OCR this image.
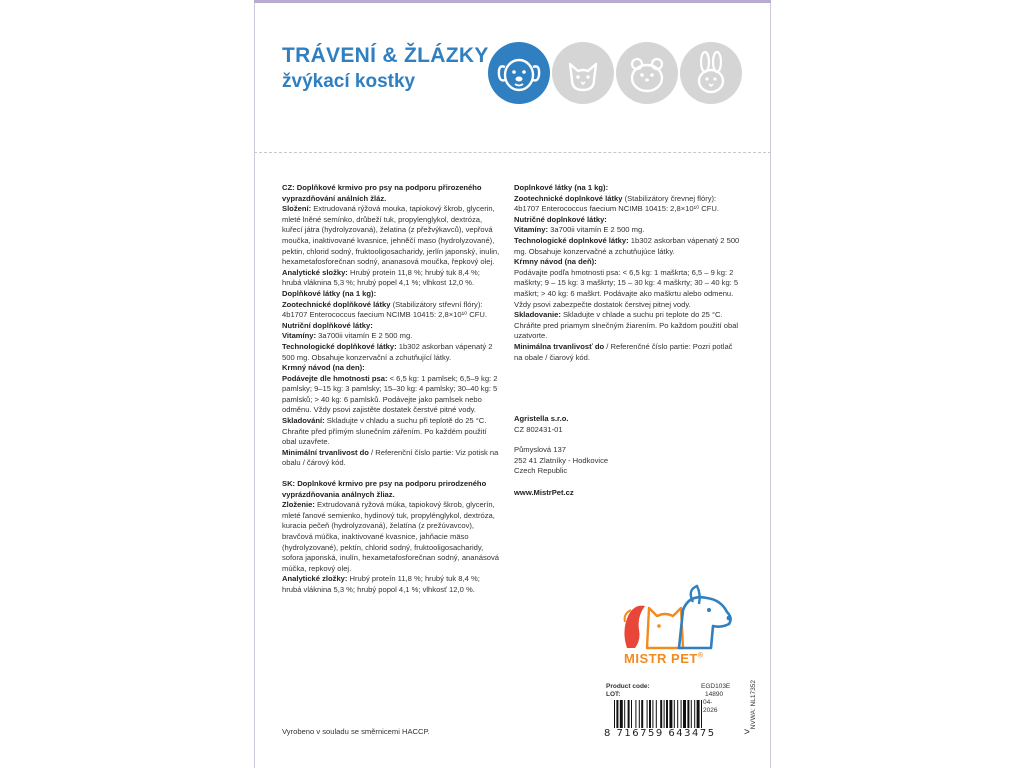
TRÁVENÍ & ŽLÁZKY
žvýkací kostky

CZ: Doplňkové krmivo pro psy na podporu přirozeného vyprazdňování análních žláz.
Složení: Extrudovaná rýžová mouka, tapiokový škrob, glycerin, mleté lněné semínko, drůbeží tuk, propylenglykol, dextróza, kuřecí játra (hydrolyzovaná), želatina (z přežvýkavců), vepřová moučka, inaktivované kvasnice, jehněčí maso (hydrolyzované), pektin, chlorid sodný, fruktooligosacharidy, jerlín japonský, inulin, hexametafosforečnan sodný, ananasová moučka, řepkový olej.
Analytické složky: Hrubý protein 11,8 %; hrubý tuk 8,4 %; hrubá vláknina 5,3 %; hrubý popel 4,1 %; vlhkost 12,0 %.
Doplňkové látky (na 1 kg):
Zootechnické doplňkové látky (Stabilizátory střevní flóry): 4b1707 Enterococcus faecium NCIMB 10415: 2,8×10¹⁰ CFU.
Nutriční doplňkové látky:
Vitamíny: 3a700ii vitamín E 2 500 mg.
Technologické doplňkové látky: 1b302 askorban vápenatý 2 500 mg. Obsahuje konzervační a zchutňující látky.
Krmný návod (na den):
Podávejte dle hmotnosti psa: < 6,5 kg: 1 pamlsek; 6,5–9 kg: 2 pamlsky; 9–15 kg: 3 pamlsky; 15–30 kg: 4 pamlsky; 30–40 kg: 5 pamlsků; > 40 kg: 6 pamlsků. Podávejte jako pamlsek nebo odměnu. Vždy psovi zajistěte dostatek čerstvé pitné vody.
Skladování: Skladujte v chladu a suchu při teplotě do 25 °C. Chraňte před přímým slunečním zářením. Po každém použití obal uzavřete.
Minimální trvanlivost do / Referenční číslo partie: Viz potisk na obalu / čárový kód.

SK: Doplnkové krmivo pre psy na podporu prirodzeného vyprázdňovania análnych žliaz.
Zloženie: Extrudovaná ryžová múka, tapiokový škrob, glycerín, mleté ľanové semienko, hydinový tuk, propylénglykol, dextróza, kuracia pečeň (hydrolyzovaná), želatína (z prežúvavcov), bravčová múčka, inaktivované kvasnice, jahňacie mäso (hydrolyzované), pektín, chlorid sodný, fruktooligosacharidy, sofora japonská, inulín, hexametafosforečnan sodný, ananásová múčka, repkový olej.
Analytické zložky: Hrubý proteín 11,8 %; hrubý tuk 8,4 %; hrubá vláknina 5,3 %; hrubý popol 4,1 %; vlhkosť 12,0 %.

Doplnkové látky (na 1 kg):
Zootechnické doplnkové látky (Stabilizátory črevnej flóry): 4b1707 Enterococcus faecium NCIMB 10415: 2,8×10¹⁰ CFU.
Nutričné doplnkové látky:
Vitamíny: 3a700ii vitamín E 2 500 mg.
Technologické doplnkové látky: 1b302 askorban vápenatý 2 500 mg. Obsahuje konzervačné a zchutňujúce látky.
Kŕmny návod (na deň):
Podávajte podľa hmotnosti psa: < 6,5 kg: 1 maškrta; 6,5 – 9 kg: 2 maškrty; 9 – 15 kg: 3 maškrty; 15 – 30 kg: 4 maškrty; 30 – 40 kg: 5 maškrt; > 40 kg: 6 maškrt. Podávajte ako maškrtu alebo odmenu. Vždy psovi zabezpečte dostatok čerstvej pitnej vody.
Skladovanie: Skladujte v chlade a suchu pri teplote do 25 °C. Chráňte pred priamym slnečným žiarením. Po každom použití obal uzatvorte.
Minimálna trvanlivosť do / Referenčné číslo partie: Pozri potlač na obale / čiarový kód.

Agristella s.r.o.
CZ 802431-01
Půmyslová 137
252 41 Zlatníky - Hodkovice
Czech Republic
www.MistrPet.cz
MISTR PET®
Product code:	EGD103E

LOT:	14890

04-2026	NVWA: NL17352
8 716759 643475	>
Vyrobeno v souladu se směrnicemi HACCP.
